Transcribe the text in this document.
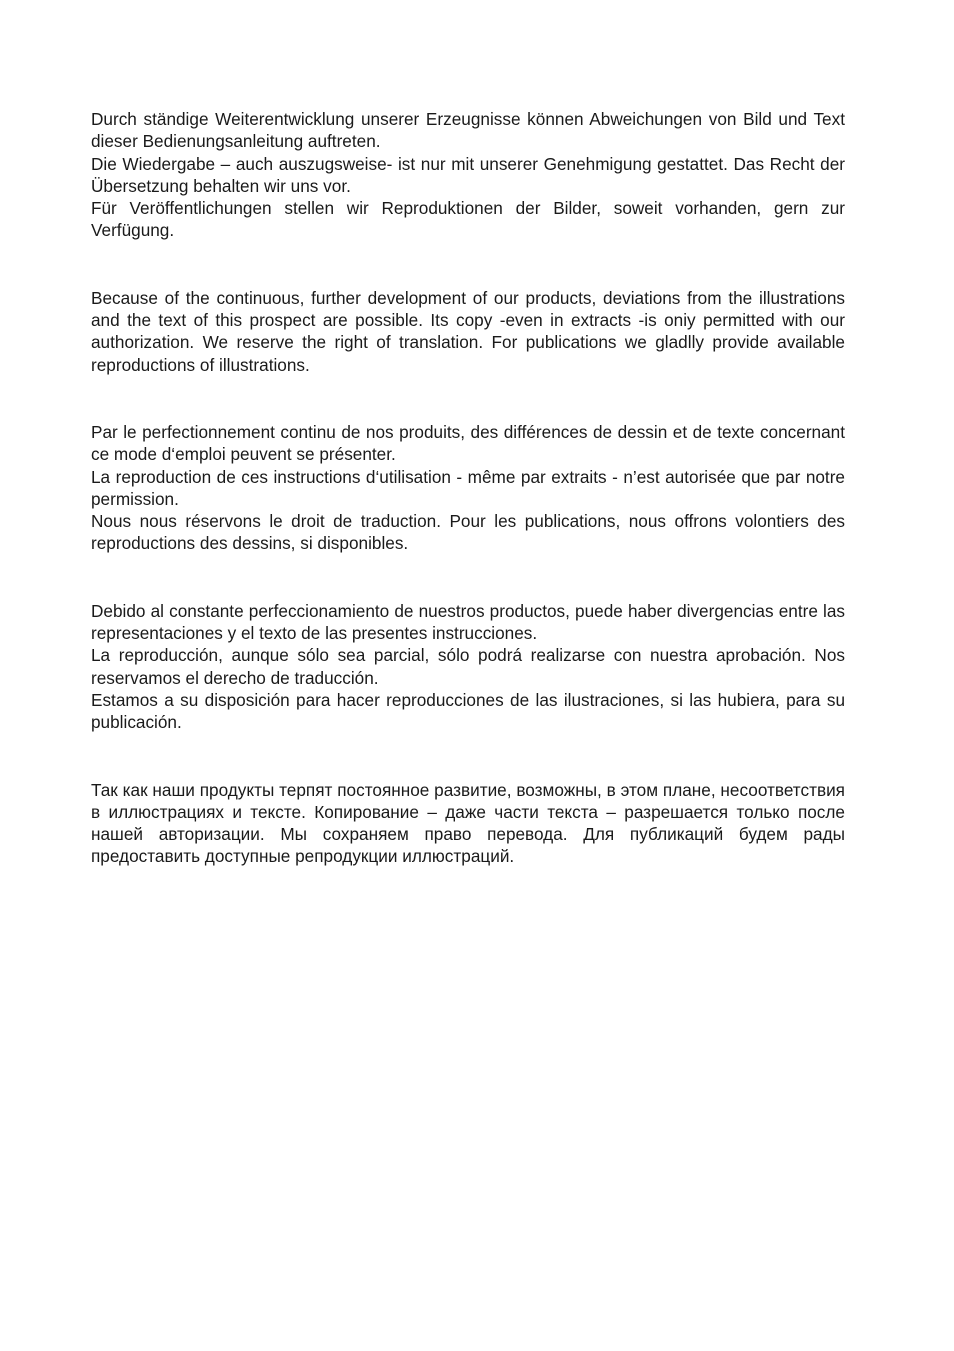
Durch ständige Weiterentwicklung unserer Erzeugnisse können Abweichungen von Bild und Text dieser Bedienungsanleitung auftreten.

Die Wiedergabe – auch auszugsweise- ist nur mit unserer Genehmigung gestattet. Das Recht der Übersetzung behalten wir uns vor.

Für Veröffentlichungen stellen wir Reproduktionen der Bilder, soweit vorhanden, gern zur Verfügung.

Because of the continuous, further development of our products, deviations from the illustrations and the text of this prospect are possible. Its copy -even in extracts -is oniy permitted with our authorization. We reserve the right of translation. For publications we gladlly provide available reproductions of illustrations.

Par le perfectionnement continu de nos produits, des différences de dessin et de texte concernant ce mode d‘emploi peuvent se présenter.

La reproduction de ces instructions d‘utilisation - même par extraits - n’est autorisée que par notre permission.

Nous nous réservons le droit de traduction. Pour les publications, nous offrons volontiers des reproductions des dessins, si disponibles.

Debido al constante perfeccionamiento de nuestros productos, puede haber divergencias entre las representaciones y el texto de las presentes instrucciones.

La reproducción, aunque sólo sea parcial, sólo podrá realizarse con nuestra aprobación. Nos reservamos el derecho de traducción.

Estamos a su disposición para hacer reproducciones de las ilustraciones, si las hubiera, para su publicación.

Так как наши продукты терпят постоянное развитие, возможны, в этом плане, несоответствия в иллюстрациях и тексте. Копирование – даже части текста – разрешается только после нашей авторизации. Мы сохраняем право перевода. Для публикаций будем рады предоставить доступные репродукции иллюстраций.
